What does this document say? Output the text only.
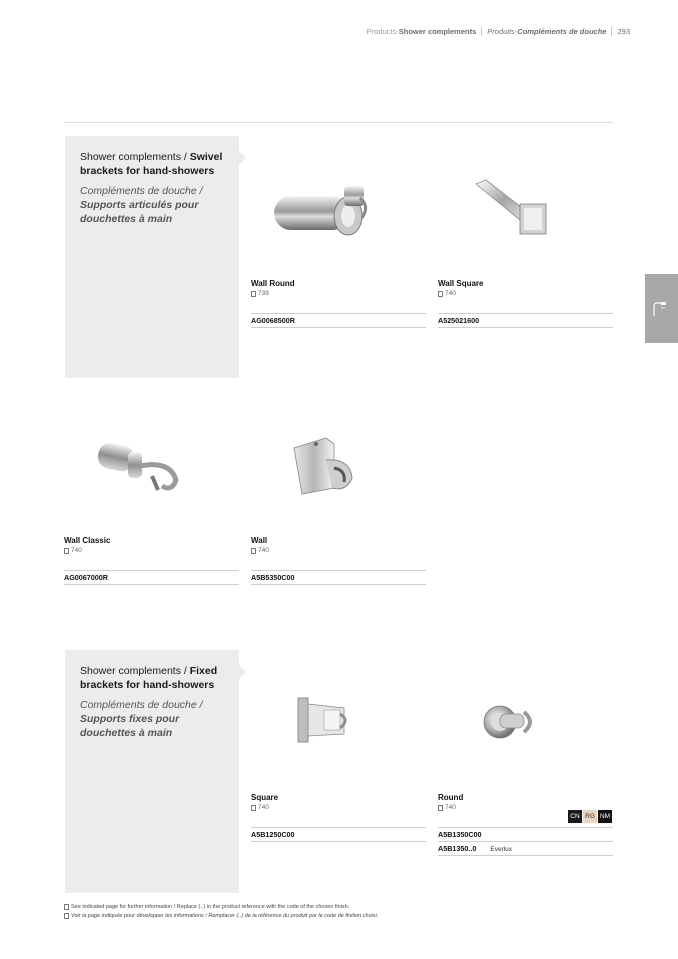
Products - Shower complements Produits - Compléments de douche 293
Shower complements / Swivel brackets for hand-showers
Compléments de douche /
Supports articulés pour douchettes à main
Shower complements / Fixed brackets for hand-showers
Compléments de douche /
Supports fixes pour douchettes à main
Wall Round
739
AG0068500R
Wall Square
740
A525021600
Wall Classic
740
AG0067000R
Wall
740
A5B5350C00
Square
740
A5B1250C00
Round
740
A5B1350C00
A5B1350..0 Everlux
CN RG NM
See indicated page for further information / Replace (..) in the product reference with the code of the chosen finish.
Voir la page indiquée pour développer les informations / Remplacer (..) de la référence du produit par le code de finition choisi.
